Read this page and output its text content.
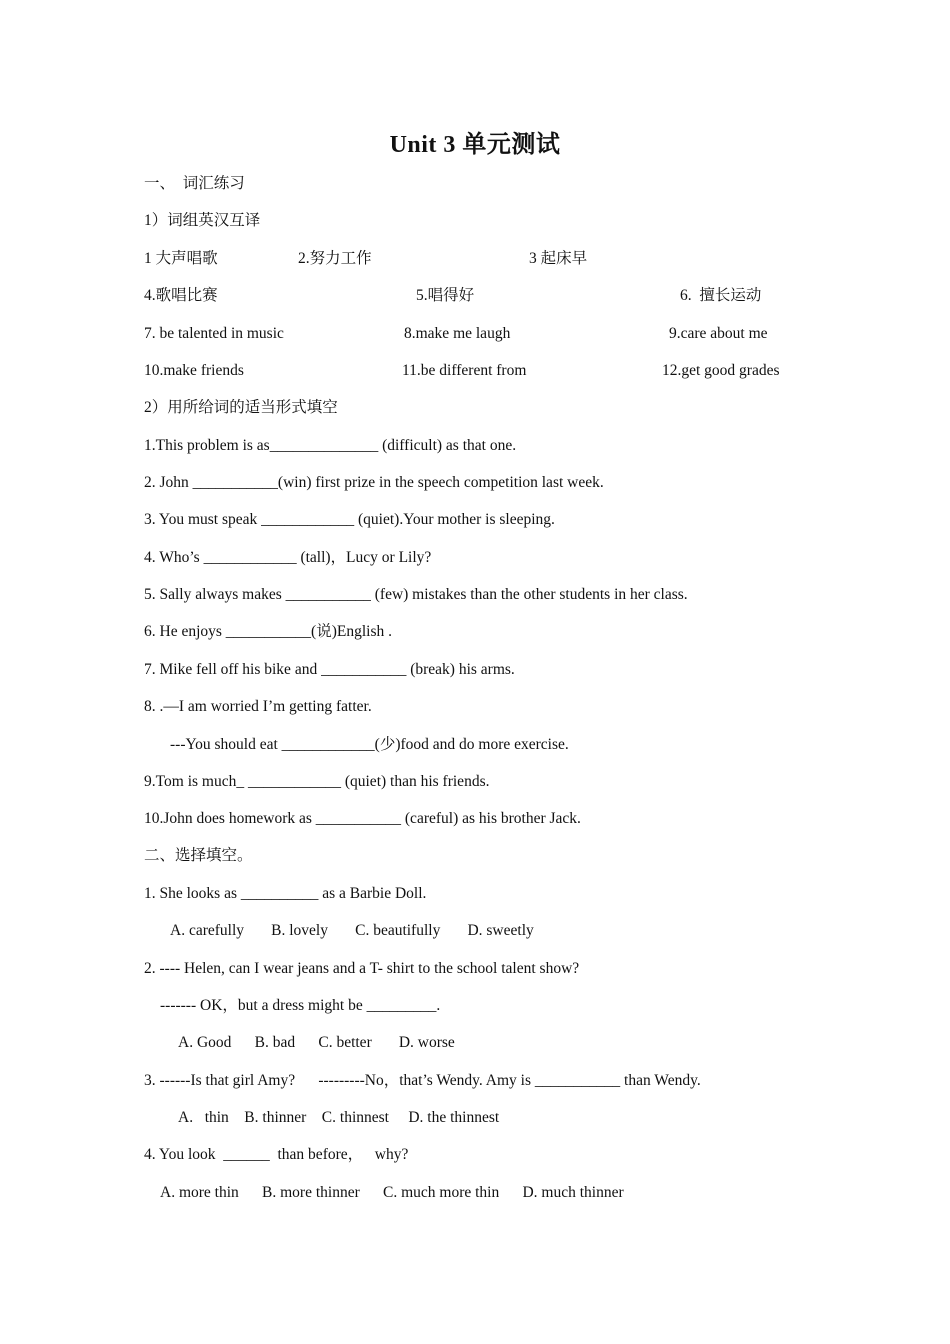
Unit 3 单元测试
一、  词汇练习
1）词组英汉互译
1 大声唱歌	2.努力工作	3 起床早
4.歌唱比赛	5.唱得好	6.  擅长运动
7. be talented in music	8.make me laugh	9.care about me
10.make friends	11.be different from	12.get good grades
2）用所给词的适当形式填空
1.This problem is as______________ (difficult) as that one.
2. John ___________(win) first prize in the speech competition last week.
3. You must speak ____________ (quiet).Your mother is sleeping.
4. Who’s ____________ (tall)，Lucy or Lily?
5. Sally always makes ___________ (few) mistakes than the other students in her class.
6. He enjoys ___________(说)English .
7. Mike fell off his bike and ___________ (break) his arms.
8. .—I am worried I’m getting fatter.
---You should eat ____________(少)food and do more exercise.
9.Tom is much_ ____________ (quiet) than his friends.
10.John does homework as ___________ (careful) as his brother Jack.
二、选择填空。
1. She looks as __________ as a Barbie Doll.
A. carefully       B. lovely       C. beautifully       D. sweetly
2. ---- Helen, can I wear jeans and a T- shirt to the school talent show?
------- OK，but a dress might be _________.
A. Good      B. bad      C. better       D. worse
3. ------Is that girl Amy?      ---------No，that’s Wendy. Amy is ___________ than Wendy.
A.   thin    B. thinner    C. thinnest     D. the thinnest
4. You look  ______  than before，   why?
A. more thin      B. more thinner      C. much more thin      D. much thinner
